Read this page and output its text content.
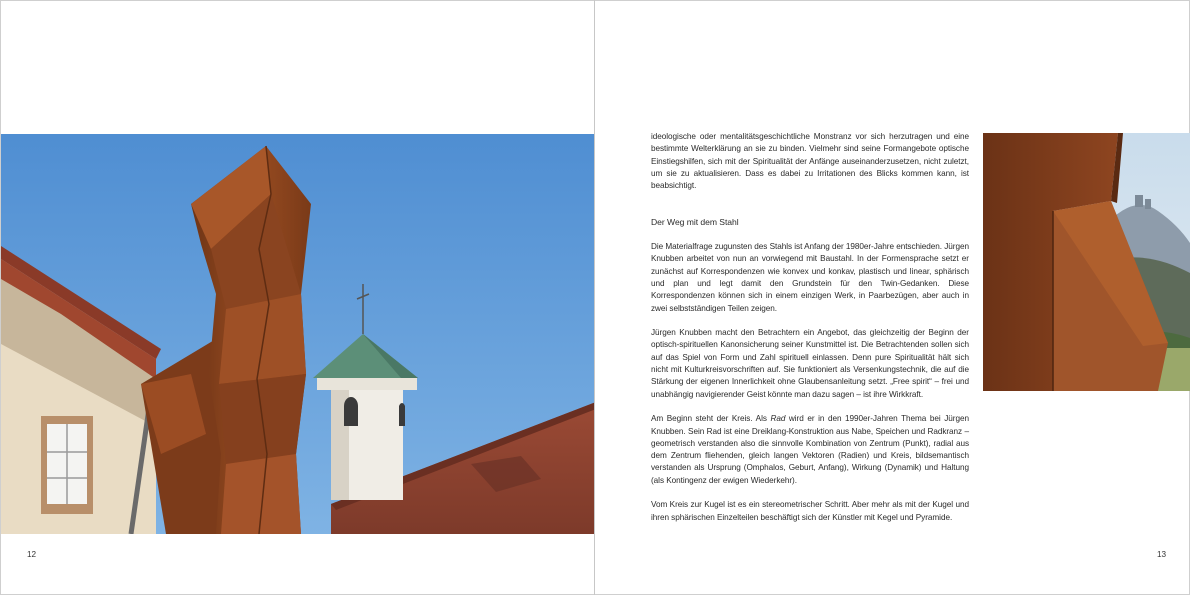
12	13

ideologische oder mentalitätsgeschichtliche Monstranz vor sich herzutragen und eine bestimmte Welterklärung an sie zu binden. Vielmehr sind seine Formangebote optische Einstiegshilfen, sich mit der Spiritualität der Anfänge auseinanderzusetzen, nicht zuletzt, um sie zu aktualisieren. Dass es dabei zu Irritationen des Blicks kommen kann, ist beabsichtigt.

Der Weg mit dem Stahl

Die Materialfrage zugunsten des Stahls ist Anfang der 1980er-Jahre entschieden. Jürgen Knubben arbeitet von nun an vorwiegend mit Baustahl. In der Formensprache setzt er zunächst auf Korrespondenzen wie konvex und konkav, plastisch und linear, sphärisch und plan und legt damit den Grundstein für den Twin-Gedanken. Diese Korrespondenzen können sich in einem einzigen Werk, in Paarbezügen, aber auch in zwei selbstständigen Teilen zeigen.

Jürgen Knubben macht den Betrachtern ein Angebot, das gleichzeitig der Beginn der optisch-spirituellen Kanonsicherung seiner Kunstmittel ist. Die Betrachtenden sollen sich auf das Spiel von Form und Zahl spirituell einlassen. Denn pure Spiritualität hält sich nicht mit Kulturkreisvorschriften auf. Sie funktioniert als Versenkungstechnik, die auf die Stärkung der eigenen Innerlichkeit ohne Glaubensanleitung setzt. „Free spirit“ – frei und unabhängig navigierender Geist könnte man dazu sagen – ist ihre Wirkkraft.

Am Beginn steht der Kreis. Als Rad wird er in den 1990er-Jahren Thema bei Jürgen Knubben. Sein Rad ist eine Dreiklang-Konstruktion aus Nabe, Speichen und Radkranz – geometrisch verstanden also die sinnvolle Kombination von Zentrum (Punkt), radial aus dem Zentrum fliehenden, gleich langen Vektoren (Radien) und Kreis, bildsemantisch verstanden als Ursprung (Omphalos, Geburt, Anfang), Wirkung (Dynamik) und Haltung (als Kontingenz der ewigen Wiederkehr).

Vom Kreis zur Kugel ist es ein stereometrischer Schritt. Aber mehr als mit der Kugel und ihren sphärischen Einzelteilen beschäftigt sich der Künstler mit Kegel und Pyramide.
